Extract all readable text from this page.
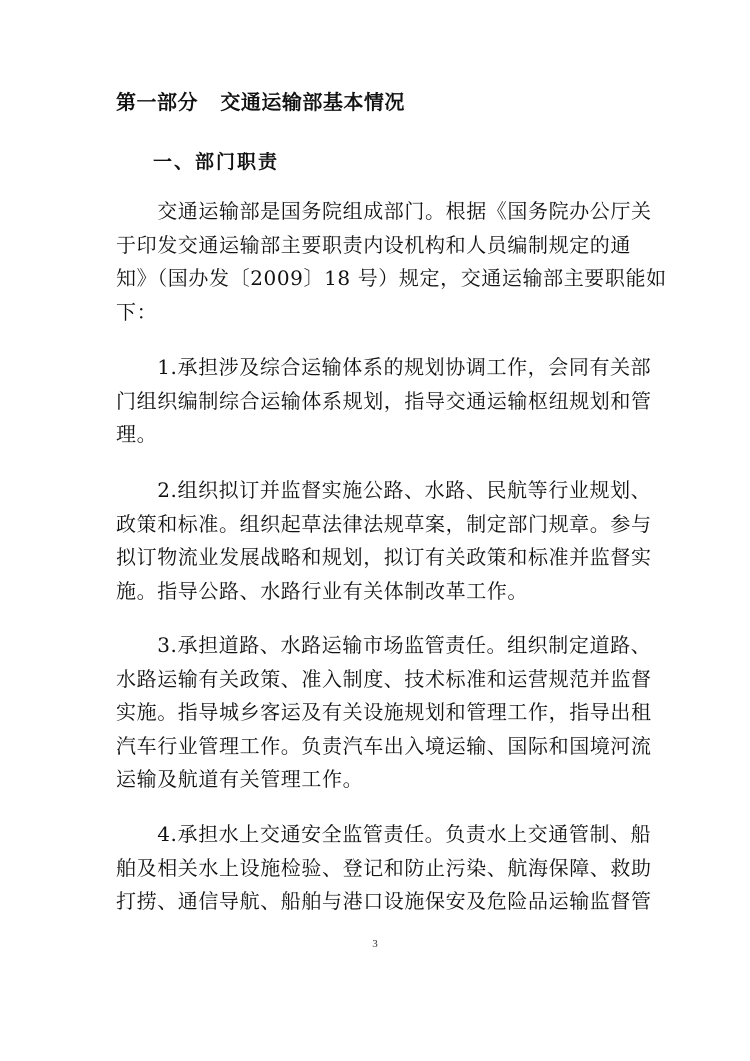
第一部分   交通运输部基本情况
一、部门职责

　　交通运输部是国务院组成部门。根据《国务院办公厅关
于印发交通运输部主要职责内设机构和人员编制规定的通
知》（国办发〔2009〕18 号）规定，交通运输部主要职能如
下：

　　1.承担涉及综合运输体系的规划协调工作，会同有关部
门组织编制综合运输体系规划，指导交通运输枢纽规划和管
理。

　　2.组织拟订并监督实施公路、水路、民航等行业规划、
政策和标准。组织起草法律法规草案，制定部门规章。参与
拟订物流业发展战略和规划，拟订有关政策和标准并监督实
施。指导公路、水路行业有关体制改革工作。

　　3.承担道路、水路运输市场监管责任。组织制定道路、
水路运输有关政策、准入制度、技术标准和运营规范并监督
实施。指导城乡客运及有关设施规划和管理工作，指导出租
汽车行业管理工作。负责汽车出入境运输、国际和国境河流
运输及航道有关管理工作。

　　4.承担水上交通安全监管责任。负责水上交通管制、船
舶及相关水上设施检验、登记和防止污染、航海保障、救助
打捞、通信导航、船舶与港口设施保安及危险品运输监督管

3
